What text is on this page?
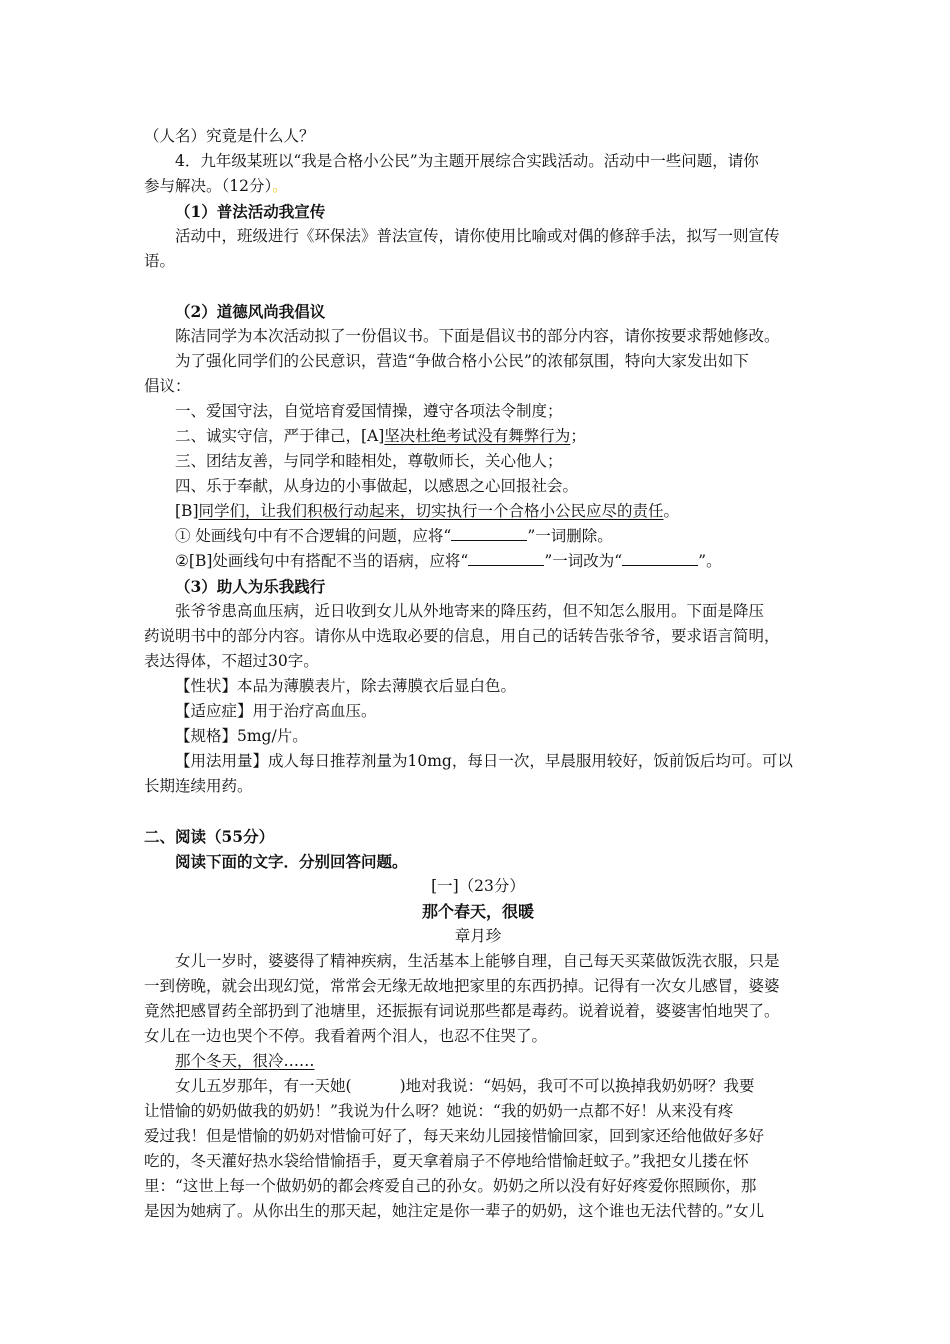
（人名）究竟是什么人？
4．九年级某班以“我是合格小公民”为主题开展综合实践活动。活动中一些问题，请你
参与解决。（12分）。
（1）普法活动我宣传
活动中，班级进行《环保法》普法宣传，请你使用比喻或对偶的修辞手法，拟写一则宣传
语。
（2）道德风尚我倡议
陈洁同学为本次活动拟了一份倡议书。下面是倡议书的部分内容，请你按要求帮她修改。
为了强化同学们的公民意识，营造“争做合格小公民”的浓郁氛围，特向大家发出如下
倡议：
一、爱国守法，自觉培育爱国情操，遵守各项法令制度；
二、诚实守信，严于律己，[A]坚决杜绝考试没有舞弊行为；
三、团结友善，与同学和睦相处，尊敬师长，关心他人；
四、乐于奉献，从身边的小事做起，以感恩之心回报社会。
[B]同学们，让我们积极行动起来，切实执行一个合格小公民应尽的责任。
① 处画线句中有不合逻辑的问题，应将“	”一词删除。
②[B]处画线句中有搭配不当的语病，应将“	”一词改为“	”。
（3）助人为乐我践行
张爷爷患高血压病，近日收到女儿从外地寄来的降压药，但不知怎么服用。下面是降压
药说明书中的部分内容。请你从中选取必要的信息，用自己的话转告张爷爷，要求语言简明，
表达得体，不超过30字。
【性状】本品为薄膜表片，除去薄膜衣后显白色。
【适应症】用于治疗高血压。
【规格】5mg/片。
【用法用量】成人每日推荐剂量为10mg，每日一次，早晨服用较好，饭前饭后均可。可以
长期连续用药。
二、阅读（55分）
阅读下面的文字．分别回答问题。
[一]（23分）
那个春天，很暖
章月珍
女儿一岁时，婆婆得了精神疾病，生活基本上能够自理，自己每天买菜做饭洗衣服，只是
一到傍晚，就会出现幻觉，常常会无缘无故地把家里的东西扔掉。记得有一次女儿感冒，婆婆
竟然把感冒药全部扔到了池塘里，还振振有词说那些都是毒药。说着说着，婆婆害怕地哭了。
女儿在一边也哭个不停。我看着两个泪人，也忍不住哭了。
那个冬天，很冷……
女儿五岁那年，有一天她(	)地对我说：“妈妈，我可不可以换掉我奶奶呀？我要
让惜愉的奶奶做我的奶奶！”我说为什么呀？她说：“我的奶奶一点都不好！从来没有疼
爱过我！但是惜愉的奶奶对惜愉可好了，每天来幼儿园接惜愉回家，回到家还给他做好多好
吃的，冬天灌好热水袋给惜愉捂手，夏天拿着扇子不停地给惜愉赶蚊子。”我把女儿搂在怀
里：“这世上每一个做奶奶的都会疼爱自己的孙女。奶奶之所以没有好好疼爱你照顾你，那
是因为她病了。从你出生的那天起，她注定是你一辈子的奶奶，这个谁也无法代替的。”女儿
